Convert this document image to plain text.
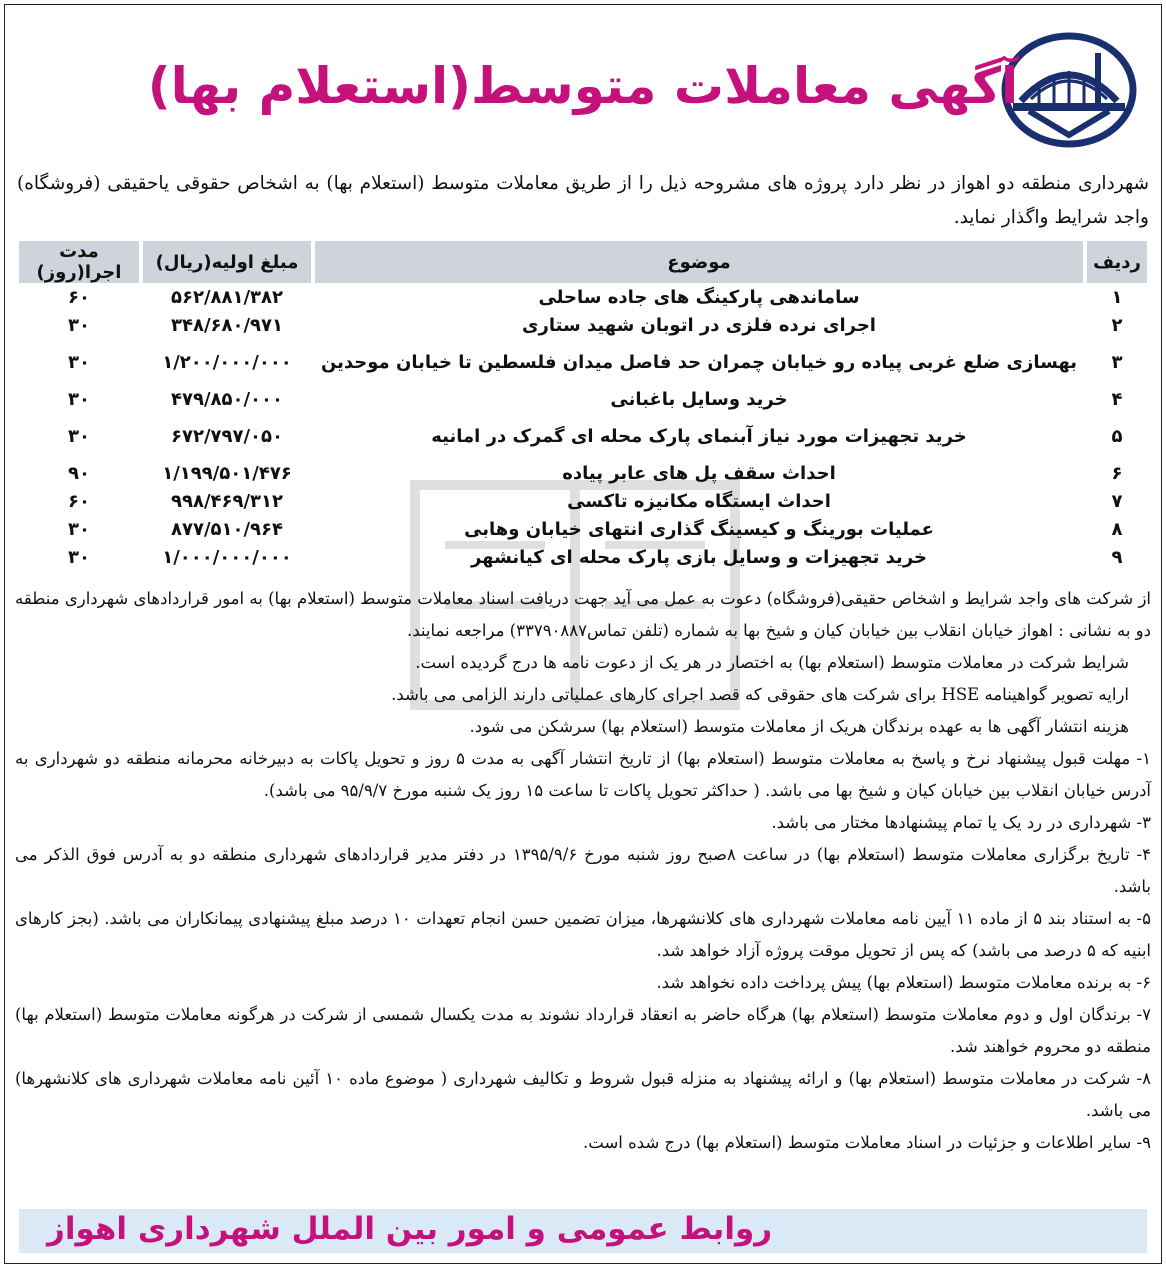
آگهی معاملات متوسط(استعلام بها)
شهرداری منطقه دو اهواز در نظر دارد پروژه های مشروحه ذیل را از طریق معاملات متوسط (استعلام بها) به اشخاص حقوقی یاحقیقی (فروشگاه) واجد شرایط واگذار نماید.
ردیف	موضوع	مبلغ اولیه(ریال)	مدت اجرا(روز)
۱	ساماندهی پارکینگ های جاده ساحلی	۵۶۲/۸۸۱/۳۸۲	۶۰
۲	اجرای نرده فلزی در اتوبان شهید ستاری	۳۴۸/۶۸۰/۹۷۱	۳۰
۳	بهسازی ضلع غربی پیاده رو خیابان چمران حد فاصل میدان فلسطین تا خیابان موحدین	۱/۲۰۰/۰۰۰/۰۰۰	۳۰
۴	خرید وسایل باغبانی	۴۷۹/۸۵۰/۰۰۰	۳۰
۵	خرید تجهیزات مورد نیاز آبنمای پارک محله ای گمرک در امانیه	۶۷۲/۷۹۷/۰۵۰	۳۰
۶	احداث سقف پل های عابر پیاده	۱/۱۹۹/۵۰۱/۴۷۶	۹۰
۷	احداث ایستگاه مکانیزه تاکسی	۹۹۸/۴۶۹/۳۱۲	۶۰
۸	عملیات بورینگ و کیسینگ گذاری انتهای خیابان وهابی	۸۷۷/۵۱۰/۹۶۴	۳۰
۹	خرید تجهیزات و وسایل بازی پارک محله ای کیانشهر	۱/۰۰۰/۰۰۰/۰۰۰	۳۰

از شرکت های واجد شرایط و اشخاص حقیقی(فروشگاه) دعوت به عمل می آید جهت دریافت اسناد معاملات متوسط (استعلام بها) به امور قراردادهای شهرداری منطقه دو به نشانی : اهواز خیابان انقلاب بین خیابان کیان و شیخ بها به شماره (تلفن تماس۳۳۷۹۰۸۸۷) مراجعه نمایند.

شرایط شرکت در معاملات متوسط (استعلام بها) به اختصار در هر یک از دعوت نامه ها درج گردیده است.

ارایه تصویر گواهینامه HSE برای شرکت های حقوقی که قصد اجرای کارهای عملیاتی دارند الزامی می باشد.

هزینه انتشار آگهی ها به عهده برندگان هریک از معاملات متوسط (استعلام بها) سرشکن می شود.

۱- مهلت قبول پیشنهاد نرخ و پاسخ به معاملات متوسط (استعلام بها) از تاریخ انتشار آگهی به مدت ۵ روز و تحویل پاکات به دبیرخانه محرمانه منطقه دو شهرداری به آدرس خیابان انقلاب بین خیابان کیان و شیخ بها می باشد. ( حداکثر تحویل پاکات تا ساعت ۱۵ روز یک شنبه مورخ ۹۵/۹/۷ می باشد).

۳- شهرداری در رد یک یا تمام پیشنهادها مختار می باشد.

۴- تاریخ برگزاری معاملات متوسط (استعلام بها) در ساعت ۸صبح روز شنبه مورخ ۱۳۹۵/۹/۶ در دفتر مدیر قراردادهای شهرداری منطقه دو به آدرس فوق الذکر می باشد.

۵- به استناد بند ۵ از ماده ۱۱ آیین نامه معاملات شهرداری های کلانشهرها، میزان تضمین حسن انجام تعهدات ۱۰ درصد مبلغ پیشنهادی پیمانکاران می باشد. (بجز کارهای ابنیه که ۵ درصد می باشد) که پس از تحویل موقت پروژه آزاد خواهد شد.

۶- به برنده معاملات متوسط (استعلام بها) پیش پرداخت داده نخواهد شد.

۷- برندگان اول و دوم معاملات متوسط (استعلام بها) هرگاه حاضر به انعقاد قرارداد نشوند به مدت یکسال شمسی از شرکت در هرگونه معاملات متوسط (استعلام بها) منطقه دو محروم خواهند شد.

۸- شرکت در معاملات متوسط (استعلام بها) و ارائه پیشنهاد به منزله قبول شروط و تکالیف شهرداری ( موضوع ماده ۱۰ آئین نامه معاملات شهرداری های کلانشهرها) می باشد.

۹- سایر اطلاعات و جزئیات در اسناد معاملات متوسط (استعلام بها) درج شده است.

روابط عمومی و امور بین الملل شهرداری اهواز
